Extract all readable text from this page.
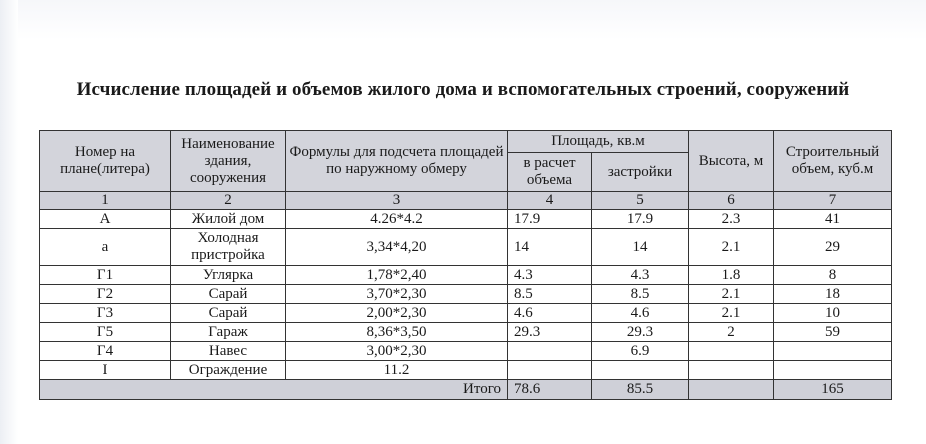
Исчисление площадей и объемов жилого дома и вспомогательных строений, сооружений
Номер на плане(литера)	Наименование здания, сооружения	Формулы для подсчета площадей по наружному обмеру	Площадь, кв.м		Высота, м	Строительный объем, куб.м
			в расчет объема	застройки		
1	2	3	4	5	6	7
А	Жилой дом	4.26*4.2	17.9	17.9	2.3	41
а	Холодная пристройка	3,34*4,20	14	14	2.1	29
Г1	Углярка	1,78*2,40	4.3	4.3	1.8	8
Г2	Сарай	3,70*2,30	8.5	8.5	2.1	18
Г3	Сарай	2,00*2,30	4.6	4.6	2.1	10
Г5	Гараж	8,36*3,50	29.3	29.3	2	59
Г4	Навес	3,00*2,30		6.9		
I	Ограждение	11.2				
Итого			78.6	85.5		165
